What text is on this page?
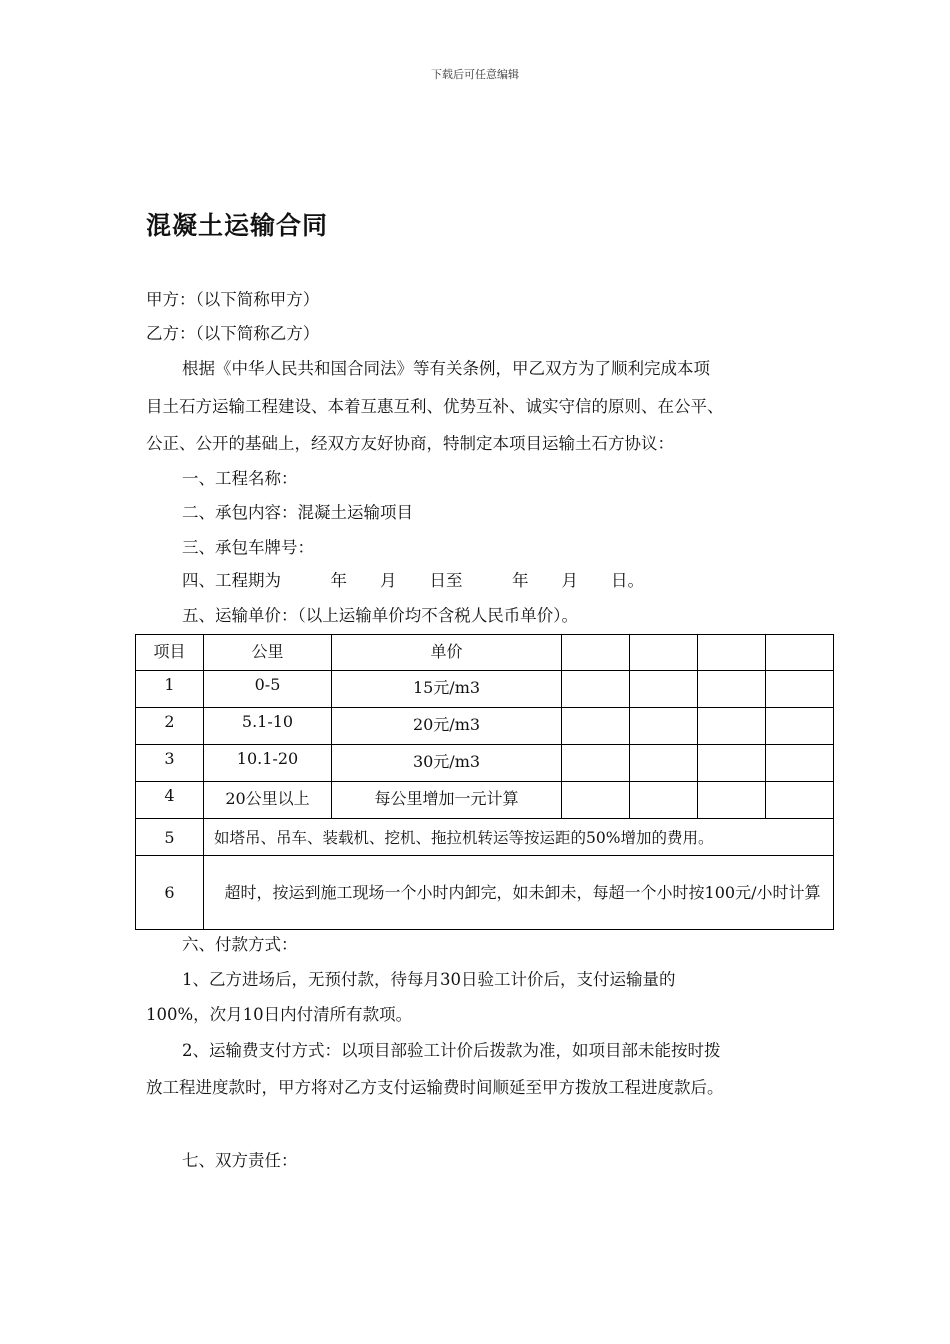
下载后可任意编辑
混凝土运输合同
甲方：（以下简称甲方）
乙方：（以下简称乙方）
根据《中华人民共和国合同法》等有关条例，甲乙双方为了顺利完成本项
目土石方运输工程建设、本着互惠互利、优势互补、诚实守信的原则、在公平、
公正、公开的基础上，经双方友好协商，特制定本项目运输土石方协议：
一、工程名称：
二、承包内容：混凝土运输项目
三、承包车牌号：
四、工程期为　　　年　　月　　日至　　　年　　月　　日。
五、运输单价：（以上运输单价均不含税人民币单价）。
项目	公里	单价				
1	0-5	15元/m3				
2	5.1-10	20元/m3				
3	10.1-20	30元/m3				
4	20公里以上	每公里增加一元计算				
5	如塔吊、吊车、装载机、挖机、拖拉机转运等按运距的50%增加的费用。					
6	超时，按运到施工现场一个小时内卸完，如未卸未，每超一个小时按100元/小时计算					
六、付款方式：
1、乙方进场后，无预付款，待每月30日验工计价后，支付运输量的
100%，次月10日内付清所有款项。
2、运输费支付方式：以项目部验工计价后拨款为准，如项目部未能按时拨
放工程进度款时，甲方将对乙方支付运输费时间顺延至甲方拨放工程进度款后。
七、双方责任：
